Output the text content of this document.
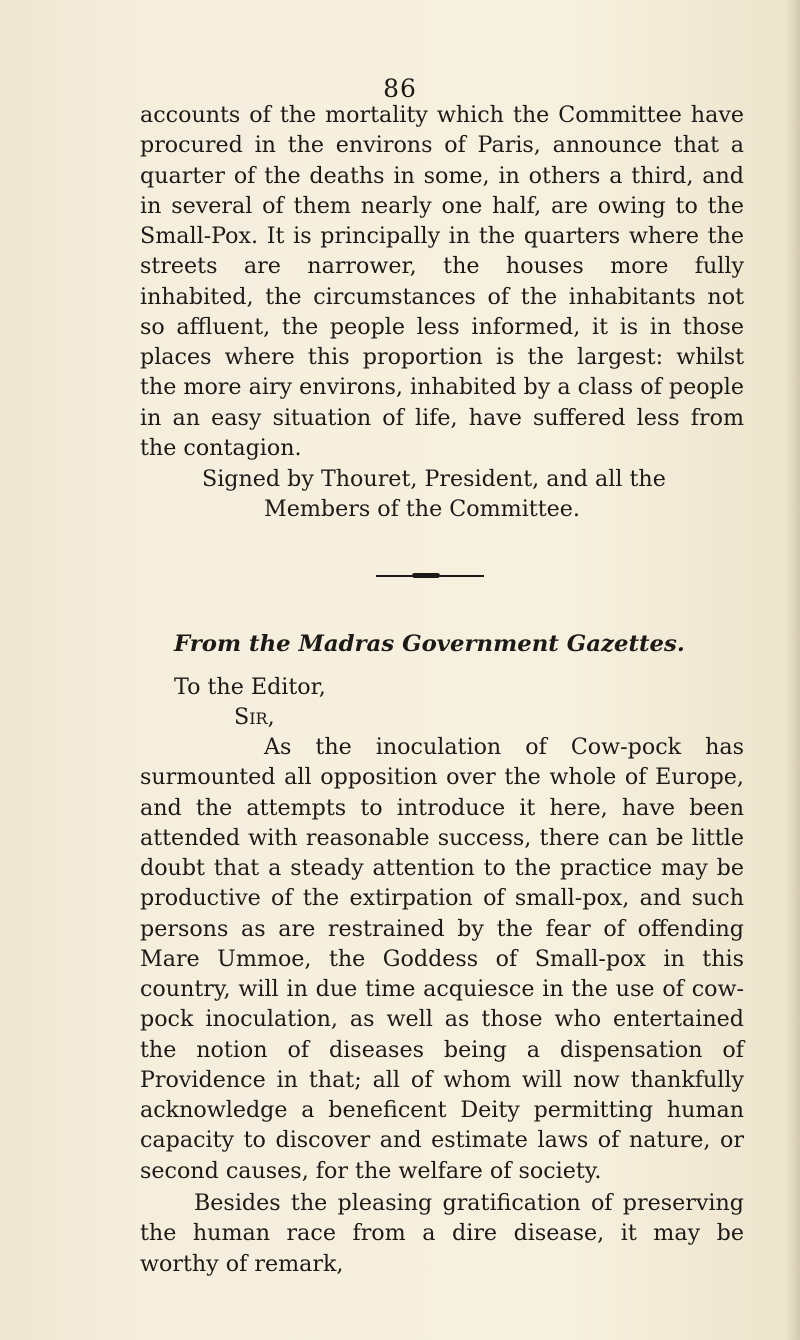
86

accounts of the mortality which the Committee have procured in the environs of Paris, announce that a quarter of the deaths in some, in others a third, and in several of them nearly one half, are owing to the Small-Pox. It is principally in the quarters where the streets are narrower, the houses more fully inhabited, the circumstances of the inhabitants not so affluent, the people less informed, it is in those places where this proportion is the largest: whilst the more airy environs, inhabited by a class of people in an easy situation of life, have suffered less from the contagion.

Signed by Thouret, President, and all the
Members of the Committee.
From the Madras Government Gazettes.
To the Editor,
Sir,

As the inoculation of Cow-pock has surmounted all opposition over the whole of Europe, and the attempts to introduce it here, have been attended with reasonable success, there can be little doubt that a steady attention to the practice may be productive of the extirpation of small-pox, and such persons as are restrained by the fear of offending Mare Ummoe, the Goddess of Small-pox in this country, will in due time acquiesce in the use of cow-pock inoculation, as well as those who entertained the notion of diseases being a dispensation of Providence in that; all of whom will now thankfully acknowledge a beneficent Deity permitting human capacity to discover and estimate laws of nature, or second causes, for the welfare of society.

Besides the pleasing gratification of preserving the human race from a dire disease, it may be worthy of remark,
